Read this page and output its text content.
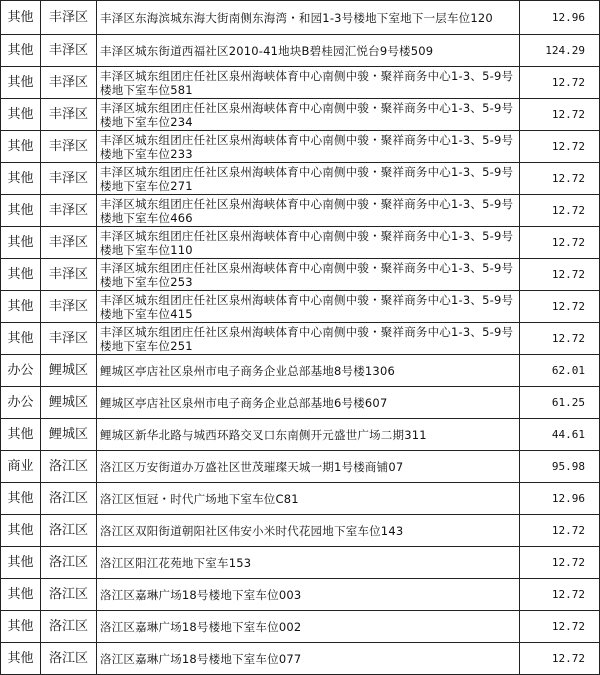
其他	丰泽区	丰泽区东海滨城东海大街南侧东海湾・和园1-3号楼地下室地下一层车位120	12.96
其他	丰泽区	丰泽区城东街道西福社区2010-41地块B碧桂园汇悦台9号楼509	124.29
其他	丰泽区	丰泽区城东组团庄任社区泉州海峡体育中心南侧中骏・聚祥商务中心1-3、5-9号楼地下室车位581	12.72
其他	丰泽区	丰泽区城东组团庄任社区泉州海峡体育中心南侧中骏・聚祥商务中心1-3、5-9号楼地下室车位234	12.72
其他	丰泽区	丰泽区城东组团庄任社区泉州海峡体育中心南侧中骏・聚祥商务中心1-3、5-9号楼地下室车位233	12.72
其他	丰泽区	丰泽区城东组团庄任社区泉州海峡体育中心南侧中骏・聚祥商务中心1-3、5-9号楼地下室车位271	12.72
其他	丰泽区	丰泽区城东组团庄任社区泉州海峡体育中心南侧中骏・聚祥商务中心1-3、5-9号楼地下室车位466	12.72
其他	丰泽区	丰泽区城东组团庄任社区泉州海峡体育中心南侧中骏・聚祥商务中心1-3、5-9号楼地下室车位110	12.72
其他	丰泽区	丰泽区城东组团庄任社区泉州海峡体育中心南侧中骏・聚祥商务中心1-3、5-9号楼地下室车位253	12.72
其他	丰泽区	丰泽区城东组团庄任社区泉州海峡体育中心南侧中骏・聚祥商务中心1-3、5-9号楼地下室车位415	12.72
其他	丰泽区	丰泽区城东组团庄任社区泉州海峡体育中心南侧中骏・聚祥商务中心1-3、5-9号楼地下室车位251	12.72
办公	鲤城区	鲤城区亭店社区泉州市电子商务企业总部基地8号楼1306	62.01
办公	鲤城区	鲤城区亭店社区泉州市电子商务企业总部基地6号楼607	61.25
其他	鲤城区	鲤城区新华北路与城西环路交叉口东南侧开元盛世广场二期311	44.61
商业	洛江区	洛江区万安街道办万盛社区世茂璀璨天城一期1号楼商铺07	95.98
其他	洛江区	洛江区恒冠・时代广场地下室车位C81	12.96
其他	洛江区	洛江区双阳街道朝阳社区伟安小米时代花园地下室车位143	12.72
其他	洛江区	洛江区阳江花苑地下室车153	12.72
其他	洛江区	洛江区嘉琳广场18号楼地下室车位003	12.72
其他	洛江区	洛江区嘉琳广场18号楼地下室车位002	12.72
其他	洛江区	洛江区嘉琳广场18号楼地下室车位077	12.72
